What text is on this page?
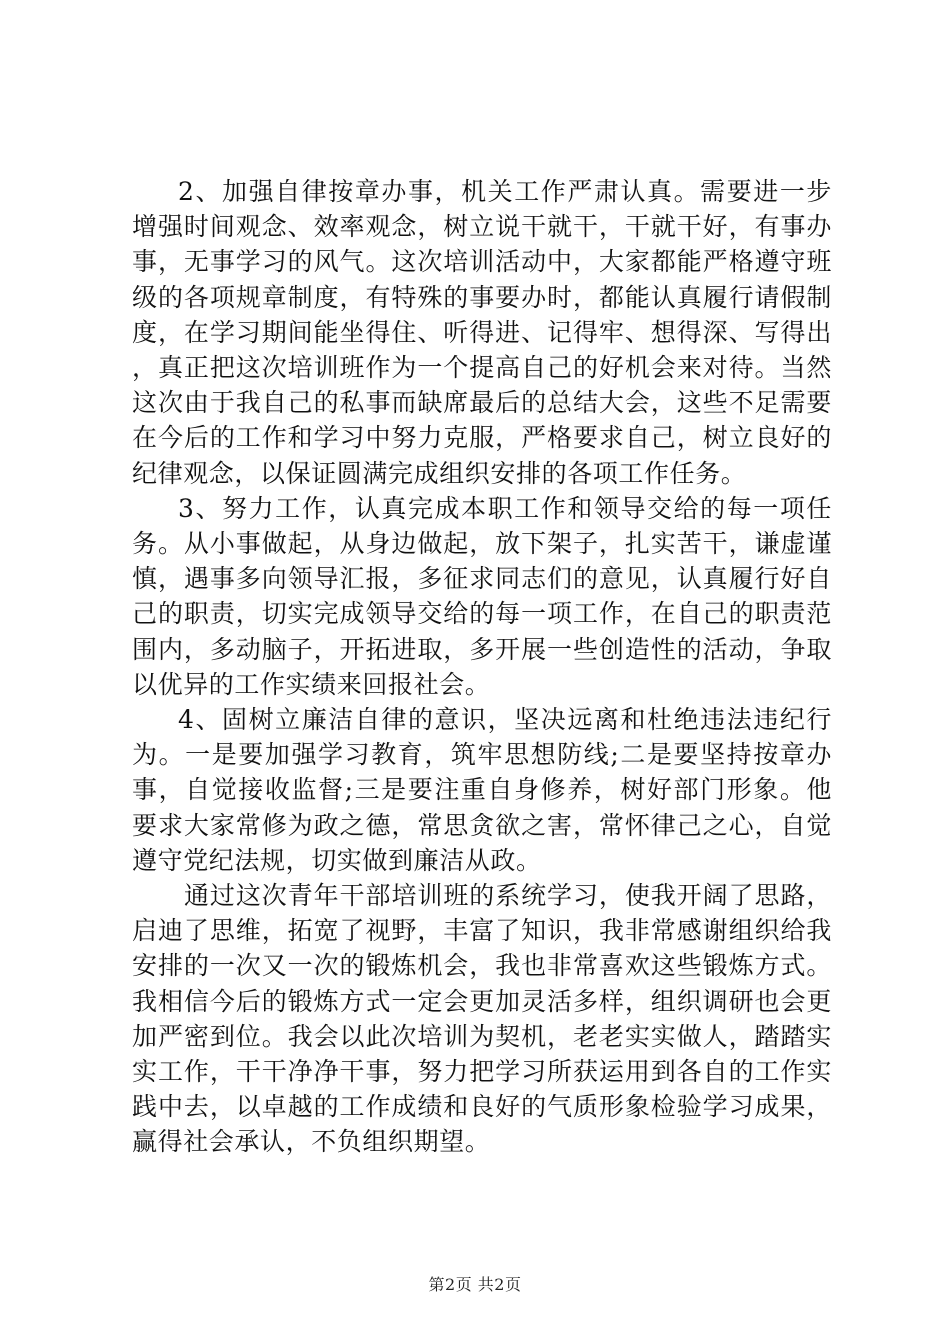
2、加强自律按章办事，机关工作严肃认真。需要进一步增强时间观念、效率观念，树立说干就干，干就干好，有事办事，无事学习的风气。这次培训活动中，大家都能严格遵守班级的各项规章制度，有特殊的事要办时，都能认真履行请假制度，在学习期间能坐得住、听得进、记得牢、想得深、写得出，真正把这次培训班作为一个提高自己的好机会来对待。当然这次由于我自己的私事而缺席最后的总结大会，这些不足需要在今后的工作和学习中努力克服，严格要求自己，树立良好的纪律观念，以保证圆满完成组织安排的各项工作任务。

3、努力工作，认真完成本职工作和领导交给的每一项任务。从小事做起，从身边做起，放下架子，扎实苦干，谦虚谨慎，遇事多向领导汇报，多征求同志们的意见，认真履行好自己的职责，切实完成领导交给的每一项工作，在自己的职责范围内，多动脑子，开拓进取，多开展一些创造性的活动，争取以优异的工作实绩来回报社会。

4、固树立廉洁自律的意识，坚决远离和杜绝违法违纪行为。一是要加强学习教育，筑牢思想防线;二是要坚持按章办事，自觉接收监督;三是要注重自身修养，树好部门形象。他要求大家常修为政之德，常思贪欲之害，常怀律己之心，自觉遵守党纪法规，切实做到廉洁从政。

通过这次青年干部培训班的系统学习，使我开阔了思路，启迪了思维，拓宽了视野，丰富了知识，我非常感谢组织给我安排的一次又一次的锻炼机会，我也非常喜欢这些锻炼方式。我相信今后的锻炼方式一定会更加灵活多样，组织调研也会更加严密到位。我会以此次培训为契机，老老实实做人，踏踏实实工作，干干净净干事，努力把学习所获运用到各自的工作实践中去，以卓越的工作成绩和良好的气质形象检验学习成果，赢得社会承认，不负组织期望。

第2页 共2页
